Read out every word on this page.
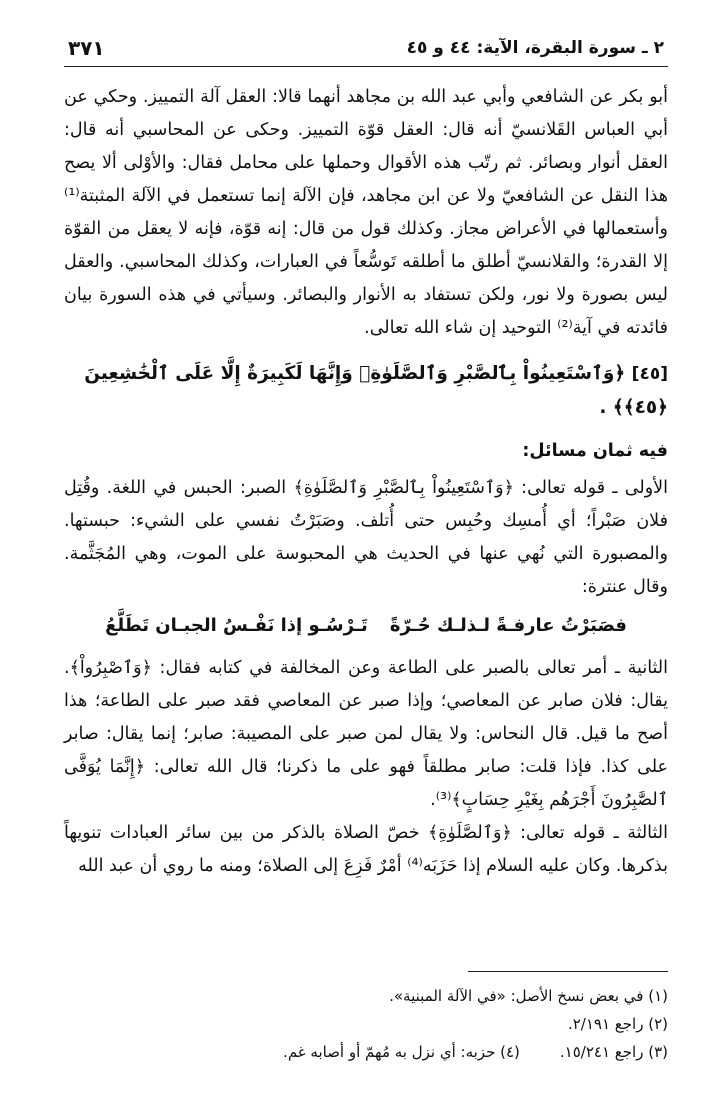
٢ ـ سورة البقرة، الآية: ٤٤ و ٤٥
٣٧١

أبو بكر عن الشافعي وأبي عبد الله بن مجاهد أنهما قالا: العقل آلة التمييز. وحكي عن أبي العباس القَلانسيّ أنه قال: العقل قوّة التمييز. وحكى عن المحاسبي أنه قال: العقل أنوار وبصائر. ثم رتّب هذه الأقوال وحملها على محامل فقال: والأوْلى ألا يصح هذا النقل عن الشافعيّ ولا عن ابن مجاهد، فإن الآلة إنما تستعمل في الآلة المثبتة⁽¹⁾ وأستعمالها في الأعراض مجاز. وكذلك قول من قال: إنه قوّة، فإنه لا يعقل من القوّة إلا القدرة؛ والقلانسيّ أطلق ما أطلقه تَوسُّعاً في العبارات، وكذلك المحاسبي. والعقل ليس بصورة ولا نور، ولكن تستفاد به الأنوار والبصائر. وسيأتي في هذه السورة بيان فائدته في آية⁽²⁾ التوحيد إن شاء الله تعالى.

[٤٥] ﴿وَٱسْتَعِينُواْ بِٱلصَّبْرِ وَٱلصَّلَوٰةِۚ وَإِنَّهَا لَكَبِيرَةٌ إِلَّا عَلَى ٱلْخَٰشِعِينَ ﴿٤٥﴾﴾ .
فيه ثمان مسائل:

الأولى ـ قوله تعالى: ﴿وَٱسْتَعِينُواْ بِٱلصَّبْرِ وَٱلصَّلَوٰةِ﴾ الصبر: الحبس في اللغة. وقُتِل فلان صَبْراً؛ أي أُمسِك وحُبِس حتى أُتلف. وصَبَرْتُ نفسي على الشيء: حبستها. والمصبورة التي نُهي عنها في الحديث هي المحبوسة على الموت، وهي المُجَثَّمة. وقال عنترة:

فصَبَرْتُ عارفـةً لـذلـك حُـرّةً
تَـرْسُـو إذا نَفْـسُ الجبـان تَطَلَّعُ

الثانية ـ أمر تعالى بالصبر على الطاعة وعن المخالفة في كتابه فقال: ﴿وَٱصْبِرُواْ﴾. يقال: فلان صابر عن المعاصي؛ وإذا صبر عن المعاصي فقد صبر على الطاعة؛ هذا أصح ما قيل. قال النحاس: ولا يقال لمن صبر على المصيبة: صابر؛ إنما يقال: صابر على كذا. فإذا قلت: صابر مطلقاً فهو على ما ذكرنا؛ قال الله تعالى: ﴿إِنَّمَا يُوَفَّى ٱلصَّٰبِرُونَ أَجْرَهُم بِغَيْرِ حِسَابٍ﴾⁽³⁾.

الثالثة ـ قوله تعالى: ﴿وَٱلصَّلَوٰةِ﴾ خصّ الصلاة بالذكر من بين سائر العبادات تنويهاً بذكرها. وكان عليه السلام إذا حَزَبَه⁽⁴⁾ أمْرٌ فَزِعَ إلى الصلاة؛ ومنه ما روي أن عبد الله

(١) في بعض نسخ الأصل: «في الآلة المبنية».
(٢) راجع ٢/١٩١.
(٣) راجع ١٥/٢٤١.
(٤) حزبه: أي نزل به مُهمّ أو أصابه غم.
